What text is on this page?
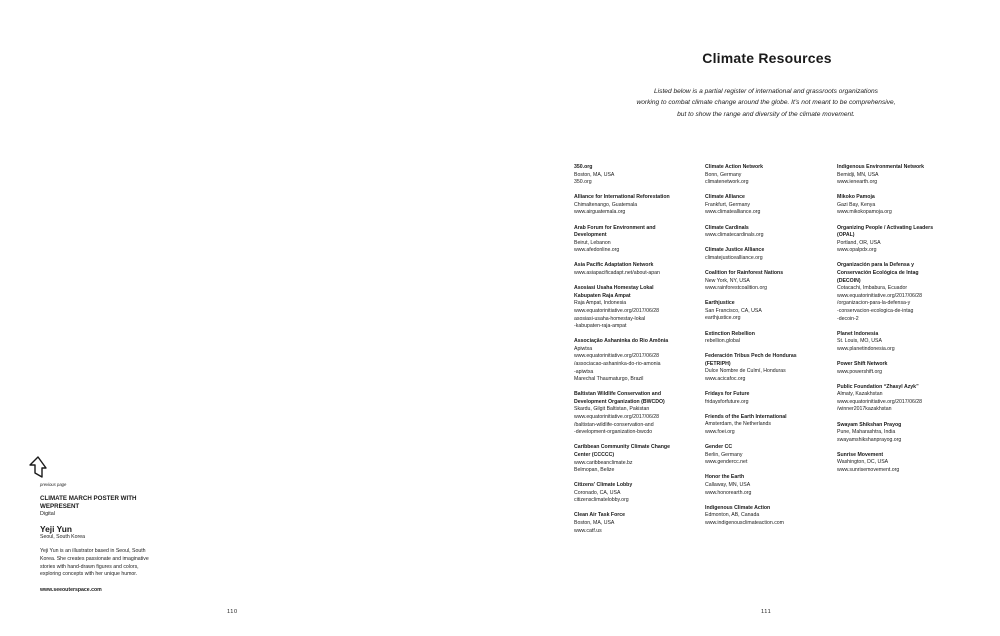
Climate Resources
Listed below is a partial register of international and grassroots organizations
working to combat climate change around the globe. It’s not meant to be comprehensive,
but to show the range and diversity of the climate movement.
350.org
Boston, MA, USA
350.org
Alliance for International Reforestation
Chimaltenango, Guatemala
www.airguatemala.org
Arab Forum for Environment and
Development
Beirut, Lebanon
www.afedonline.org
Asia Pacific Adaptation Network
www.asiapacificadapt.net/about-apan
Asosiasi Usaha Homestay Lokal
Kabupaten Raja Ampat
Raja Ampat, Indonesia
www.equatorinitiative.org/2017/06/28
asosiasi-usaha-homestay-lokal
-kabupaten-raja-ampat
Associação Ashaninka do Rio Amônia
Apiwtxa
www.equatorinitiative.org/2017/06/28
/associacao-ashaninka-do-rio-amonia
-apiwtxa
Marechal Thaumaturgo, Brazil
Baltistan Wildlife Conservation and
Development Organization (BWCDO)
Skardu, Gilgit Baltistan, Pakistan
www.equatorinitiative.org/2017/06/28
/baltistan-wildlife-conservation-and
-development-organization-bwcdo
Caribbean Community Climate Change
Center (CCCCC)
www.caribbeanclimate.bz
Belmopan, Belize
Citizens’ Climate Lobby
Coronado, CA, USA
citizensclimatelobby.org
Clean Air Task Force
Boston, MA, USA
www.catf.us
Climate Action Network
Bonn, Germany
climatenetwork.org
Climate Alliance
Frankfurt, Germany
www.climatealliance.org
Climate Cardinals
www.climatecardinals.org
Climate Justice Alliance
climatejusticealliance.org
Coalition for Rainforest Nations
New York, NY, USA
www.rainforestcoalition.org
Earthjustice
San Francisco, CA, USA
earthjustice.org
Extinction Rebellion
rebellion.global
Federación Tribus Pech de Honduras
(FETRIPH)
Dulce Nombre de Culmí, Honduras
www.acicafoc.org
Fridays for Future
fridaysforfuture.org
Friends of the Earth International
Amsterdam, the Netherlands
www.foei.org
Gender CC
Berlin, Germany
www.gendercc.net
Honor the Earth
Callaway, MN, USA
www.honorearth.org
Indigenous Climate Action
Edmonton, AB, Canada
www.indigenousclimateaction.com
Indigenous Environmental Network
Bemidji, MN, USA
www.ienearth.org
Mikoko Pamoja
Gazi Bay, Kenya
www.mikokopamoja.org
Organizing People / Activating Leaders
(OPAL)
Portland, OR, USA
www.opalpdx.org
Organización para la Defensa y
Conservación Ecológica de Intag
(DECOIN)
Cotacachi, Imbabura, Ecuador
www.equatorinitiative.org/2017/06/28
/organizacion-para-la-defensa-y
-conservacion-ecologica-de-intag
-decoin-2
Planet Indonesia
St. Louis, MO, USA
www.planetindonesia.org
Power Shift Network
www.powershift.org
Public Foundation “Zhasyl Azyk”
Almaty, Kazakhstan
www.equatorinitiative.org/2017/06/28
/winner2017kazakhstan
Swayam Shikshan Prayog
Pune, Maharashtra, India
swayamshikshanprayog.org
Sunrise Movement
Washington, DC, USA
www.sunrisemovement.org
previous page
CLIMATE MARCH POSTER WITH WEPRESENT
Digital
Yeji Yun
Seoul, South Korea
Yeji Yun is an illustrator based in Seoul, South
Korea. She creates passionate and imaginative
stories with hand-drawn figures and colors,
exploring concepts with her unique humor.
www.seeouterspace.com
110	111
